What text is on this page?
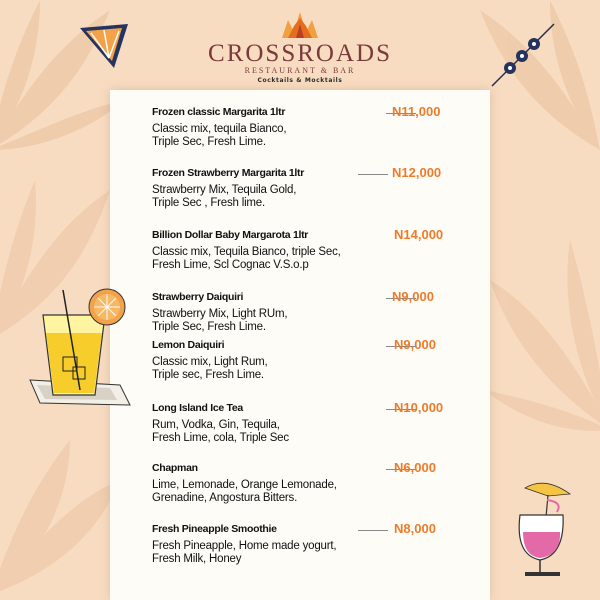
CROSSROADS
RESTAURANT & BAR
Cocktails & Mocktails
Frozen classic Margarita 1ltr	N11,000
Classic mix, tequila Bianco,
Triple Sec, Fresh Lime.
Frozen Strawberry Margarita 1ltr	N12,000
Strawberry Mix, Tequila Gold,
Triple Sec , Fresh lime.
Billion Dollar Baby Margarota 1ltr	N14,000
Classic mix, Tequila Bianco, triple Sec,
Fresh Lime, Scl Cognac V.S.o.p
Strawberry Daiquiri	N9,000
Strawberry Mix, Light RUm,
Triple Sec, Fresh Lime.
Lemon Daiquiri	N9,000
Classic mix, Light Rum,
Triple sec, Fresh Lime.
Long Island Ice Tea	N10,000
Rum, Vodka, Gin, Tequila,
Fresh Lime, cola, Triple Sec
Chapman	N6,000
Lime, Lemonade, Orange Lemonade,
Grenadine, Angostura Bitters.
Fresh Pineapple Smoothie	N8,000
Fresh Pineapple, Home made yogurt,
Fresh Milk, Honey
